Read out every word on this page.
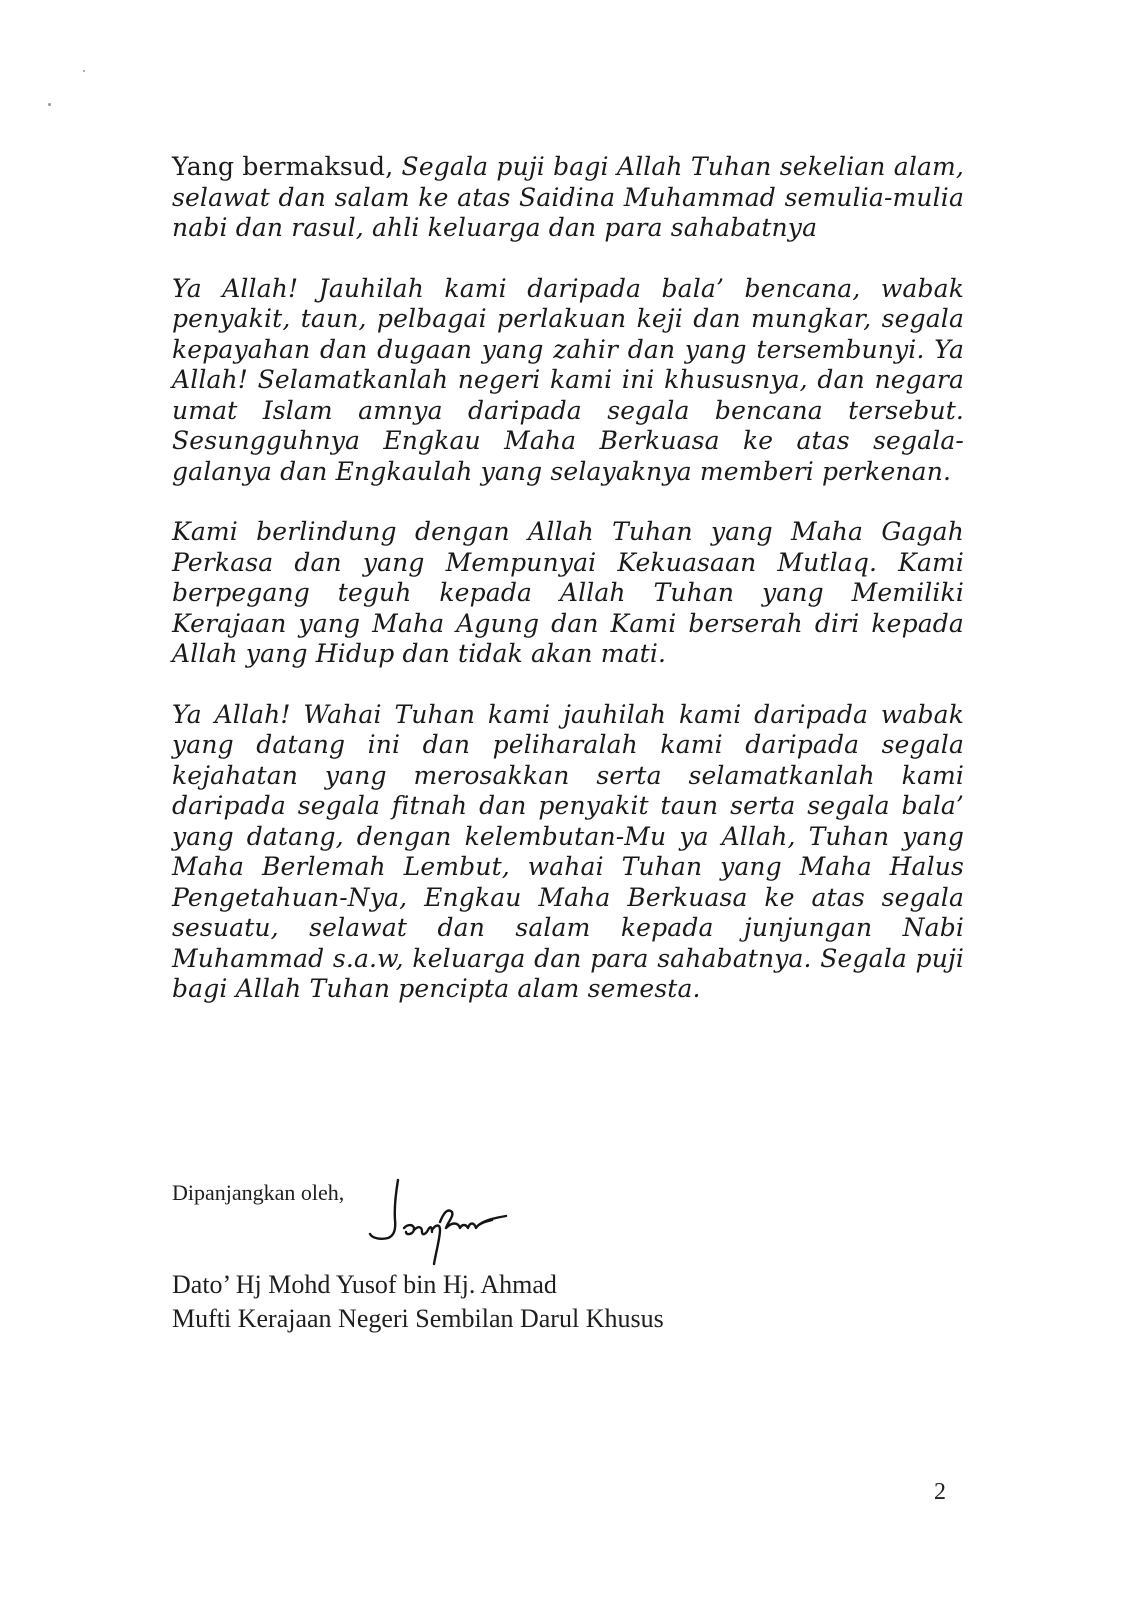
Yang bermaksud, Segala puji bagi Allah Tuhan sekelian alam, selawat dan salam ke atas Saidina Muhammad semulia-mulia nabi dan rasul, ahli keluarga dan para sahabatnya

Ya Allah! Jauhilah kami daripada bala’ bencana, wabak penyakit, taun, pelbagai perlakuan keji dan mungkar, segala kepayahan dan dugaan yang zahir dan yang tersembunyi. Ya Allah! Selamatkanlah negeri kami ini khususnya, dan negara umat Islam amnya daripada segala bencana tersebut. Sesungguhnya Engkau Maha Berkuasa ke atas segala-galanya dan Engkaulah yang selayaknya memberi perkenan.

Kami berlindung dengan Allah Tuhan yang Maha Gagah Perkasa dan yang Mempunyai Kekuasaan Mutlaq. Kami berpegang teguh kepada Allah Tuhan yang Memiliki Kerajaan yang Maha Agung dan Kami berserah diri kepada Allah yang Hidup dan tidak akan mati.

Ya Allah! Wahai Tuhan kami jauhilah kami daripada wabak yang datang ini dan peliharalah kami daripada segala kejahatan yang merosakkan serta selamatkanlah kami daripada segala fitnah dan penyakit taun serta segala bala’ yang datang, dengan kelembutan-Mu ya Allah, Tuhan yang Maha Berlemah Lembut, wahai Tuhan yang Maha Halus Pengetahuan-Nya, Engkau Maha Berkuasa ke atas segala sesuatu, selawat dan salam kepada junjungan Nabi Muhammad s.a.w, keluarga dan para sahabatnya. Segala puji bagi Allah Tuhan pencipta alam semesta.

Dipanjangkan oleh,
Dato’ Hj Mohd Yusof bin Hj. Ahmad
Mufti Kerajaan Negeri Sembilan Darul Khusus
2
